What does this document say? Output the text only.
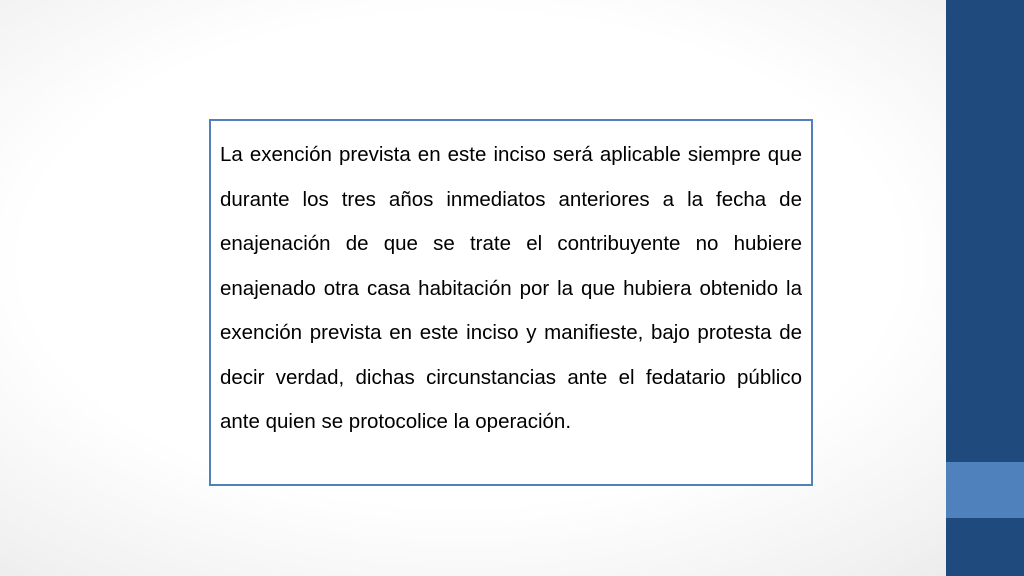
La exención prevista en este inciso será aplicable siempre que durante los tres años inmediatos anteriores a la fecha de enajenación de que se trate el contribuyente no hubiere enajenado otra casa habitación por la que hubiera obtenido la exención prevista en este inciso y manifieste, bajo protesta de decir verdad, dichas circunstancias ante el fedatario público ante quien se protocolice la operación.
